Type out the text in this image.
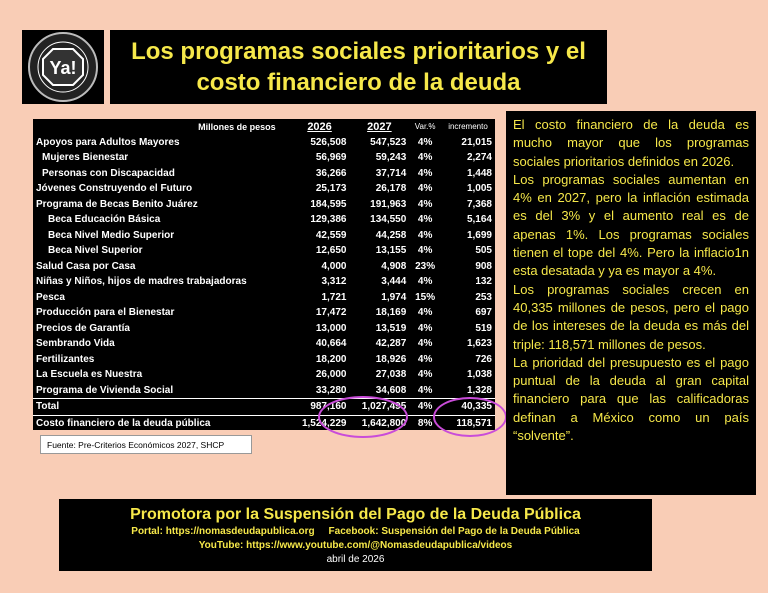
Ya!
Los programas sociales prioritarios y el
costo financiero de la deuda
Millones de pesos	2026	2027	Var.%	incremento
Apoyos para Adultos Mayores	526,508	547,523	4%	21,015
Mujeres Bienestar	56,969	59,243	4%	2,274
Personas con Discapacidad	36,266	37,714	4%	1,448
Jóvenes Construyendo el Futuro	25,173	26,178	4%	1,005
Programa de Becas Benito Juárez	184,595	191,963	4%	7,368
Beca Educación Básica	129,386	134,550	4%	5,164
Beca Nivel Medio Superior	42,559	44,258	4%	1,699
Beca Nivel Superior	12,650	13,155	4%	505
Salud Casa por Casa	4,000	4,908	23%	908
Niñas y Niños, hijos de madres trabajadoras	3,312	3,444	4%	132
Pesca	1,721	1,974	15%	253
Producción para el Bienestar	17,472	18,169	4%	697
Precios de Garantía	13,000	13,519	4%	519
Sembrando Vida	40,664	42,287	4%	1,623
Fertilizantes	18,200	18,926	4%	726
La Escuela es Nuestra	26,000	27,038	4%	1,038
Programa de Vivienda Social	33,280	34,608	4%	1,328
Total	987,160	1,027,495	4%	40,335
Costo financiero de la deuda pública	1,524,229	1,642,800	8%	118,571
Fuente: Pre-Criterios Económicos 2027, SHCP

El costo financiero de la deuda es mucho mayor que los programas sociales prioritarios definidos en 2026.

Los programas sociales aumentan en 4% en 2027, pero la inflación estimada es del 3% y el aumento real es de apenas 1%. Los programas sociales tienen el tope del 4%. Pero la inflacio1n esta desatada y ya es mayor a 4%.

Los programas sociales crecen en 40,335 millones de pesos, pero el pago de los intereses de la deuda es más del triple: 118,571 millones de pesos.

La prioridad del presupuesto es el pago puntual de la deuda al gran capital financiero para que las calificadoras definan a México como un país “solvente”.

Promotora por la Suspensión del Pago de la Deuda Pública
Portal: https://nomasdeudapublica.org Facebook: Suspensión del Pago de la Deuda Pública
YouTube: https://www.youtube.com/@Nomasdeudapublica/videos
abril de 2026
